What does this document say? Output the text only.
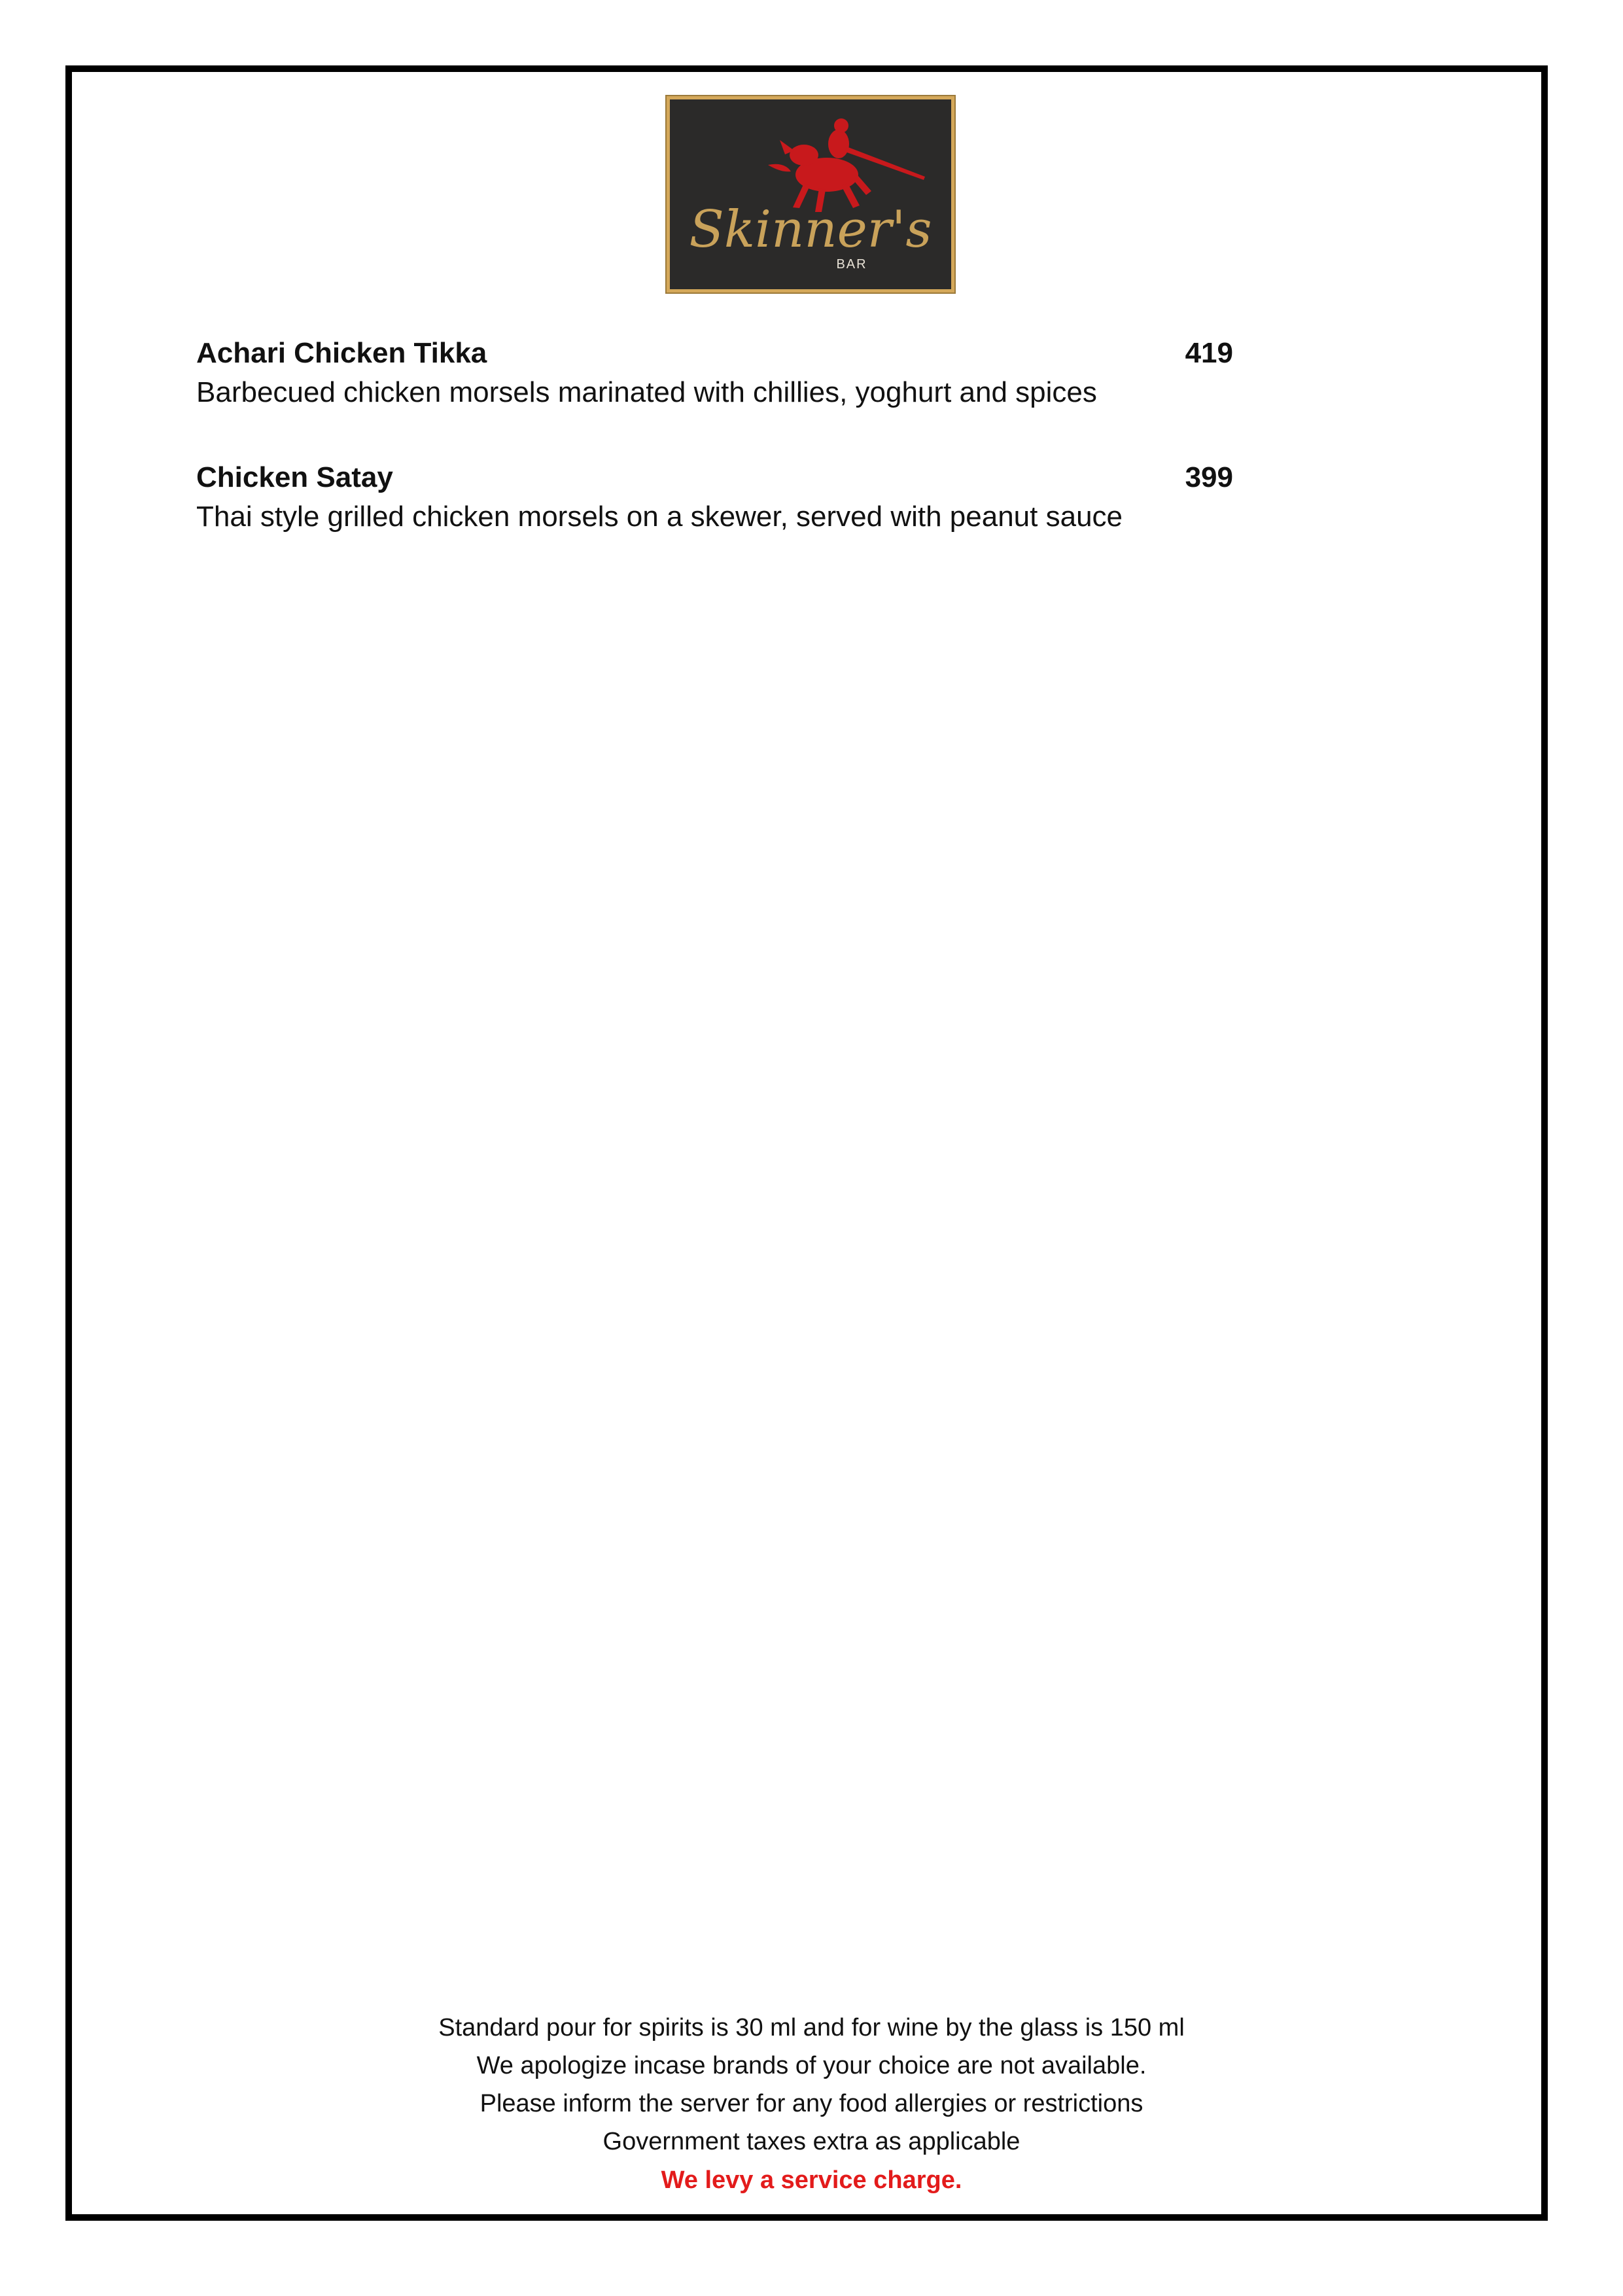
Skinner's
BAR
Achari Chicken Tikka	419
Barbecued chicken morsels marinated with chillies, yoghurt and spices
Chicken Satay	399
Thai style grilled chicken morsels on a skewer, served with peanut sauce
Standard pour for spirits is 30 ml and for wine by the glass is 150 ml
We apologize incase brands of your choice are not available.
Please inform the server for any food allergies or restrictions
Government taxes extra as applicable
We levy a service charge.
